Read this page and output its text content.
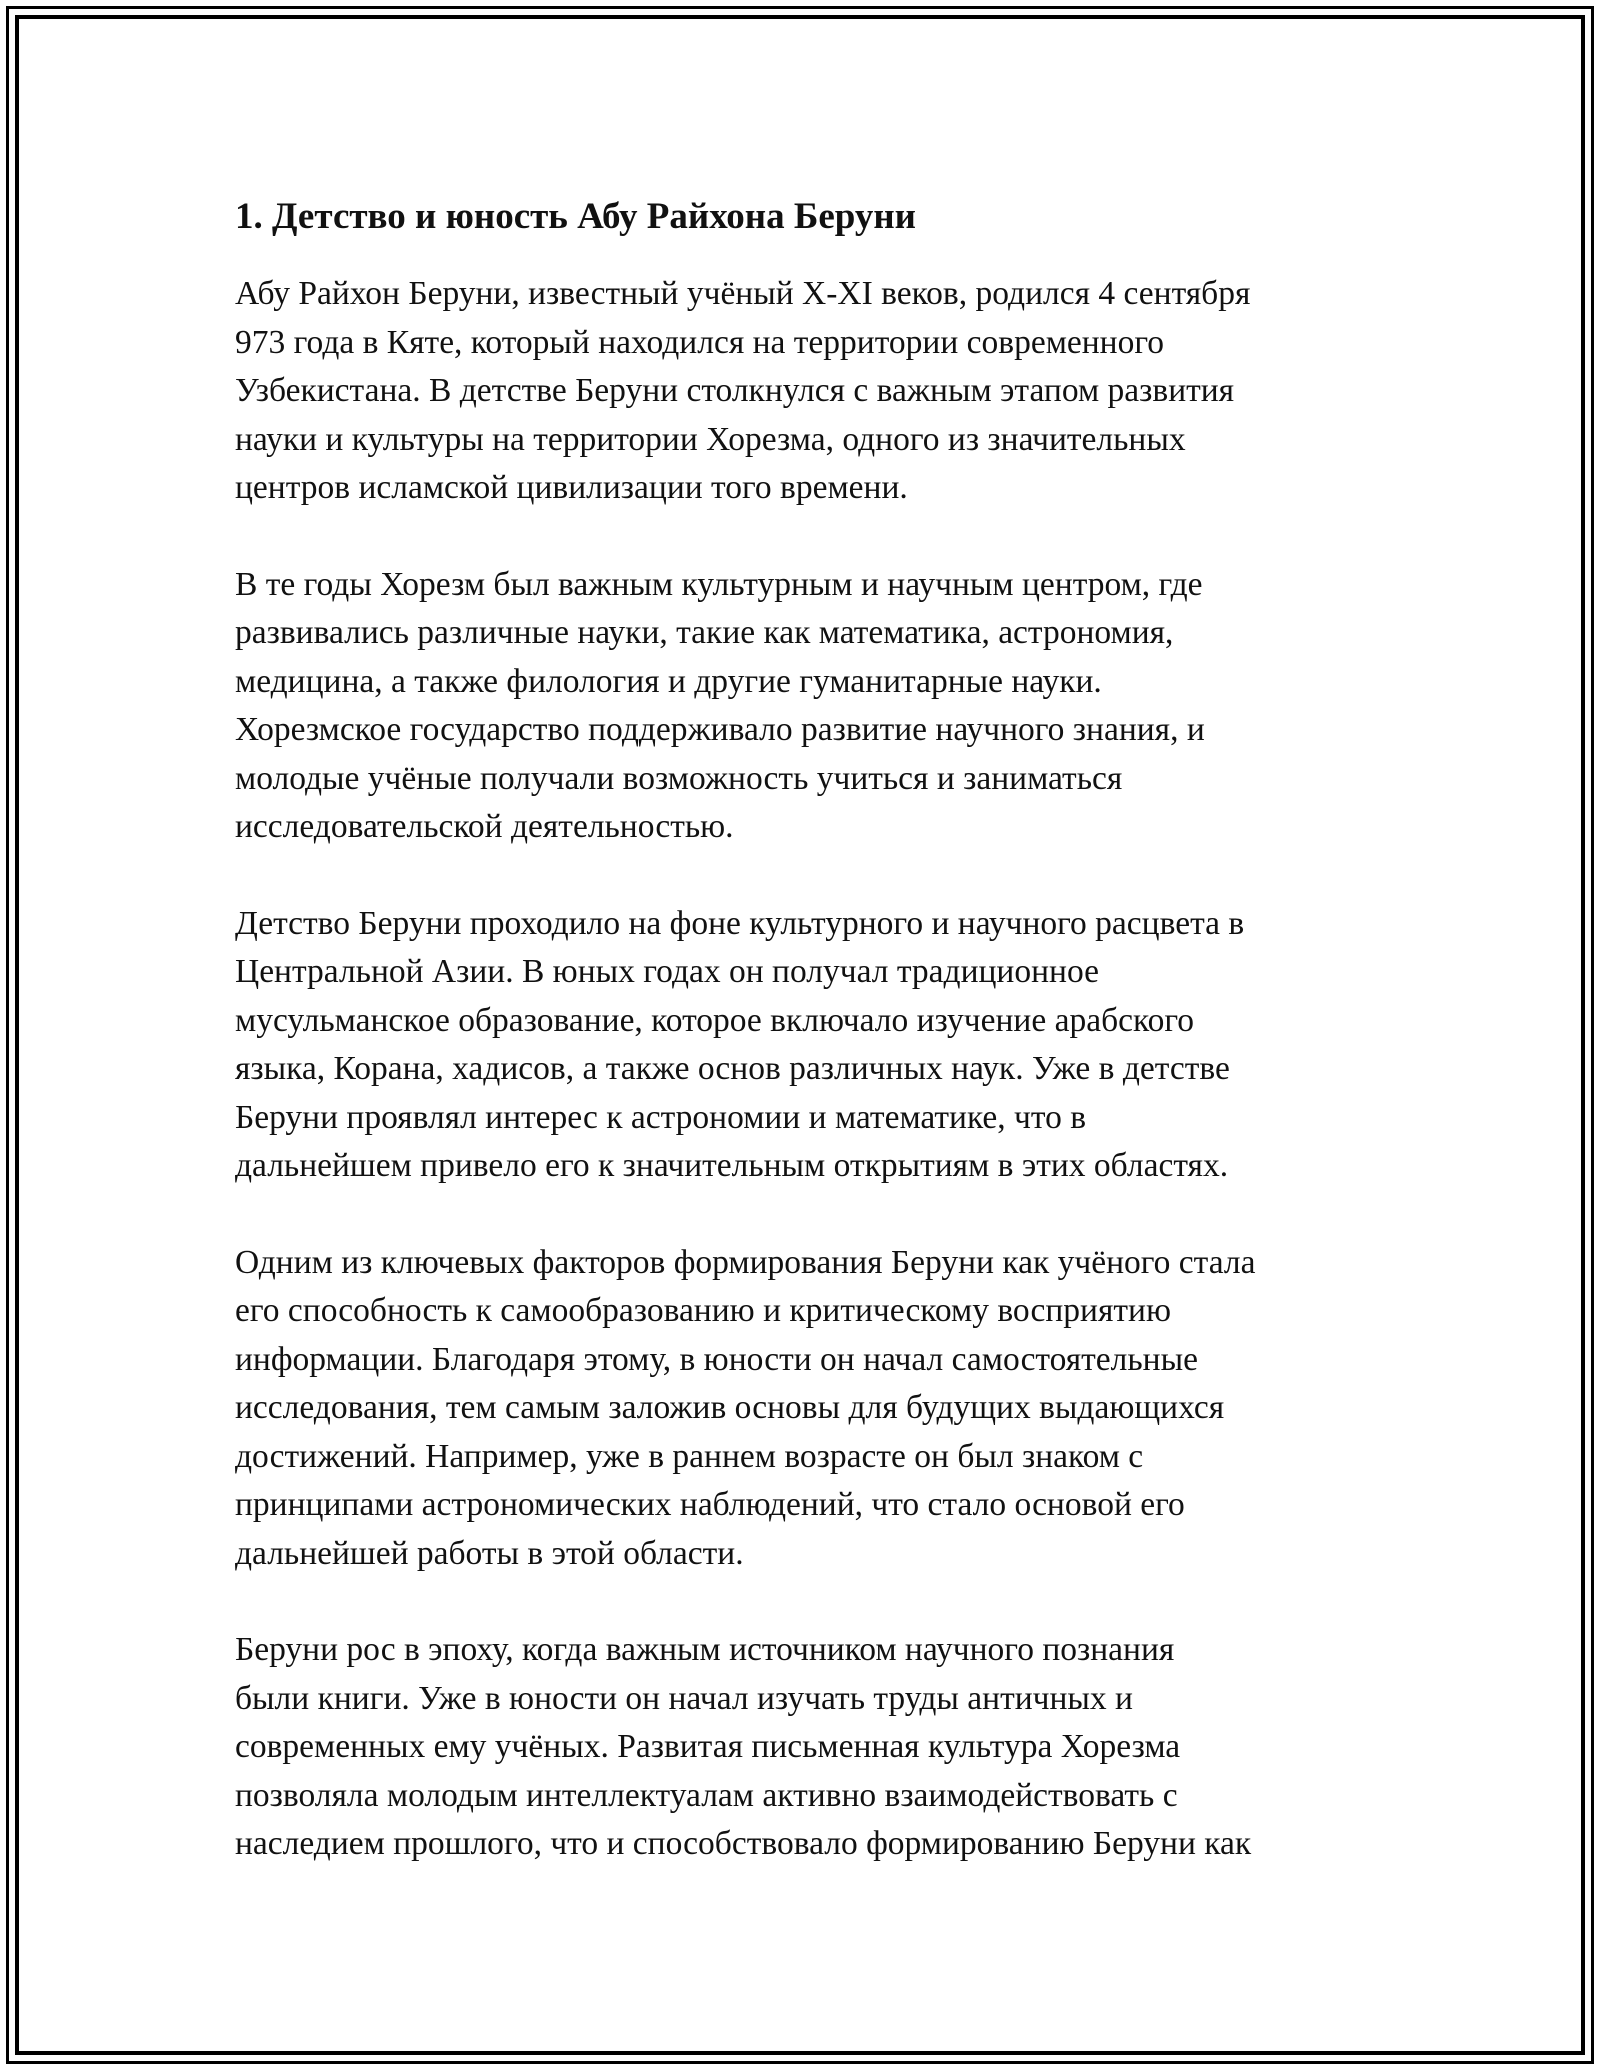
1. Детство и юность Абу Райхона Беруни

Абу Райхон Беруни, известный учёный X-XI веков, родился 4 сентября
973 года в Кяте, который находился на территории современного
Узбекистана. В детстве Беруни столкнулся с важным этапом развития
науки и культуры на территории Хорезма, одного из значительных
центров исламской цивилизации того времени.

В те годы Хорезм был важным культурным и научным центром, где
развивались различные науки, такие как математика, астрономия,
медицина, а также филология и другие гуманитарные науки.
Хорезмское государство поддерживало развитие научного знания, и
молодые учёные получали возможность учиться и заниматься
исследовательской деятельностью.

Детство Беруни проходило на фоне культурного и научного расцвета в
Центральной Азии. В юных годах он получал традиционное
мусульманское образование, которое включало изучение арабского
языка, Корана, хадисов, а также основ различных наук. Уже в детстве
Беруни проявлял интерес к астрономии и математике, что в
дальнейшем привело его к значительным открытиям в этих областях.

Одним из ключевых факторов формирования Беруни как учёного стала
его способность к самообразованию и критическому восприятию
информации. Благодаря этому, в юности он начал самостоятельные
исследования, тем самым заложив основы для будущих выдающихся
достижений. Например, уже в раннем возрасте он был знаком с
принципами астрономических наблюдений, что стало основой его
дальнейшей работы в этой области.

Беруни рос в эпоху, когда важным источником научного познания
были книги. Уже в юности он начал изучать труды античных и
современных ему учёных. Развитая письменная культура Хорезма
позволяла молодым интеллектуалам активно взаимодействовать с
наследием прошлого, что и способствовало формированию Беруни как
